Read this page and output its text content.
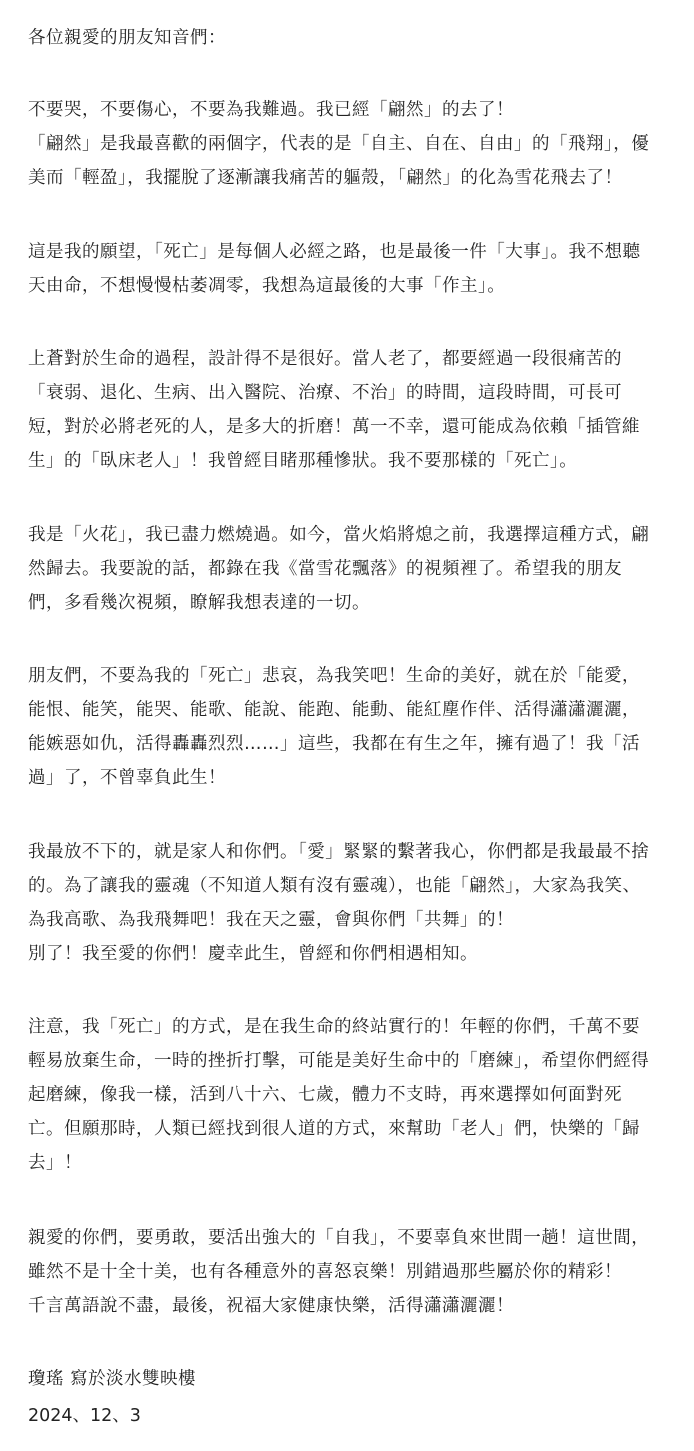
各位親愛的朋友知音們：
不要哭，不要傷心，不要為我難過。我已經「翩然」的去了！
「翩然」是我最喜歡的兩個字，代表的是「自主、自在、自由」的「飛翔」，優
美而「輕盈」，我擺脫了逐漸讓我痛苦的軀殼，「翩然」的化為雪花飛去了！
這是我的願望，「死亡」是每個人必經之路，也是最後一件「大事」。我不想聽
天由命，不想慢慢枯萎凋零，我想為這最後的大事「作主」。
上蒼對於生命的過程，設計得不是很好。當人老了，都要經過一段很痛苦的
「衰弱、退化、生病、出入醫院、治療、不治」的時間，這段時間，可長可
短，對於必將老死的人，是多大的折磨！萬一不幸，還可能成為依賴「插管維
生」的「臥床老人」！我曾經目睹那種慘狀。我不要那樣的「死亡」。
我是「火花」，我已盡力燃燒過。如今，當火焰將熄之前，我選擇這種方式，翩
然歸去。我要說的話，都錄在我《當雪花飄落》的視頻裡了。希望我的朋友
們，多看幾次視頻，瞭解我想表達的一切。
朋友們，不要為我的「死亡」悲哀，為我笑吧！生命的美好，就在於「能愛，
能恨、能笑，能哭、能歌、能說、能跑、能動、能紅塵作伴、活得瀟瀟灑灑，
能嫉惡如仇，活得轟轟烈烈……」這些，我都在有生之年，擁有過了！我「活
過」了，不曾辜負此生！
我最放不下的，就是家人和你們。「愛」緊緊的繫著我心，你們都是我最最不捨
的。為了讓我的靈魂（不知道人類有沒有靈魂），也能「翩然」，大家為我笑、
為我高歌、為我飛舞吧！我在天之靈，會與你們「共舞」的！
別了！我至愛的你們！慶幸此生，曾經和你們相遇相知。
注意，我「死亡」的方式，是在我生命的終站實行的！年輕的你們，千萬不要
輕易放棄生命，一時的挫折打擊，可能是美好生命中的「磨練」，希望你們經得
起磨練，像我一樣，活到八十六、七歲，體力不支時，再來選擇如何面對死
亡。但願那時，人類已經找到很人道的方式，來幫助「老人」們，快樂的「歸
去」！
親愛的你們，要勇敢，要活出強大的「自我」，不要辜負來世間一趟！這世間，
雖然不是十全十美，也有各種意外的喜怒哀樂！別錯過那些屬於你的精彩！
千言萬語說不盡，最後，祝福大家健康快樂，活得瀟瀟灑灑！
瓊瑤 寫於淡水雙映樓
2024、12、3
